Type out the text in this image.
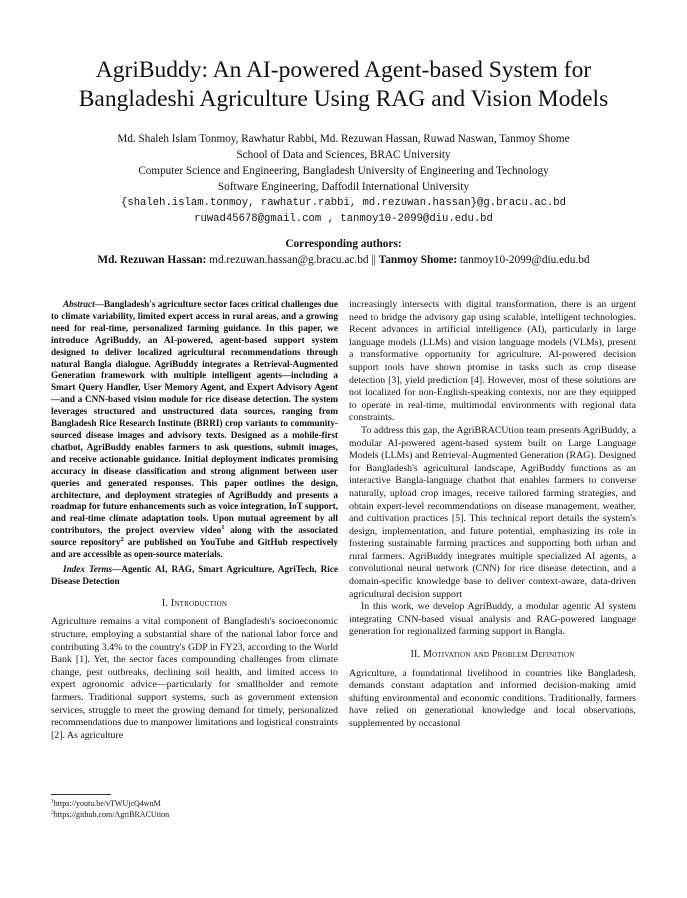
AgriBuddy: An AI-powered Agent-based System for
Bangladeshi Agriculture Using RAG and Vision Models
Md. Shaleh Islam Tonmoy, Rawhatur Rabbi, Md. Rezuwan Hassan, Ruwad Naswan, Tanmoy Shome
School of Data and Sciences, BRAC University
Computer Science and Engineering, Bangladesh University of Engineering and Technology
Software Engineering, Daffodil International University
{shaleh.islam.tonmoy, rawhatur.rabbi, md.rezuwan.hassan}@g.bracu.ac.bd
ruwad45678@gmail.com , tanmoy10-2099@diu.edu.bd
Corresponding authors:
Md. Rezuwan Hassan: md.rezuwan.hassan@g.bracu.ac.bd || Tanmoy Shome: tanmoy10-2099@diu.edu.bd

Abstract—Bangladesh's agriculture sector faces critical challenges due to climate variability, limited expert access in rural areas, and a growing need for real-time, personalized farming guidance. In this paper, we introduce AgriBuddy, an AI-powered, agent-based support system designed to deliver localized agricultural recommendations through natural Bangla dialogue. AgriBuddy integrates a Retrieval-Augmented Generation framework with multiple intelligent agents—including a Smart Query Handler, User Memory Agent, and Expert Advisory Agent—and a CNN-based vision module for rice disease detection. The system leverages structured and unstructured data sources, ranging from Bangladesh Rice Research Institute (BRRI) crop variants to community-sourced disease images and advisory texts. Designed as a mobile-first chatbot, AgriBuddy enables farmers to ask questions, submit images, and receive actionable guidance. Initial deployment indicates promising accuracy in disease classification and strong alignment between user queries and generated responses. This paper outlines the design, architecture, and deployment strategies of AgriBuddy and presents a roadmap for future enhancements such as voice integration, IoT support, and real-time climate adaptation tools. Upon mutual agreement by all contributors, the project overview video$^1$ along with the associated source repository$^2$ are published on YouTube and GitHub respectively and are accessible as open-source materials.

Index Terms—Agentic AI, RAG, Smart Agriculture, AgriTech, Rice Disease Detection

I. Introduction

Agriculture remains a vital component of Bangladesh's socioeconomic structure, employing a substantial share of the national labor force and contributing 3.4% to the country's GDP in FY23, according to the World Bank [1]. Yet, the sector faces compounding challenges from climate change, pest outbreaks, declining soil health, and limited access to expert agronomic advice—particularly for smallholder and remote farmers. Traditional support systems, such as government extension services, struggle to meet the growing demand for timely, personalized recommendations due to manpower limitations and logistical constraints [2]. As agriculture

increasingly intersects with digital transformation, there is an urgent need to bridge the advisory gap using scalable, intelligent technologies. Recent advances in artificial intelligence (AI), particularly in large language models (LLMs) and vision language models (VLMs), present a transformative opportunity for agriculture. AI-powered decision support tools have shown promise in tasks such as crop disease detection [3], yield prediction [4]. However, most of these solutions are not localized for non-English-speaking contexts, nor are they equipped to operate in real-time, multimodal environments with regional data constraints.

To address this gap, the AgriBRACUtion team presents AgriBuddy, a modular AI-powered agent-based system built on Large Language Models (LLMs) and Retrieval-Augmented Generation (RAG). Designed for Bangladesh's agricultural landscape, AgriBuddy functions as an interactive Bangla-language chatbot that enables farmers to converse naturally, upload crop images, receive tailored farming strategies, and obtain expert-level recommendations on disease management, weather, and cultivation practices [5]. This technical report details the system's design, implementation, and future potential, emphasizing its role in fostering sustainable farming practices and supporting both urban and rural farmers. AgriBuddy integrates multiple specialized AI agents, a convolutional neural network (CNN) for rice disease detection, and a domain-specific knowledge base to deliver context-aware, data-driven agricultural decision support

In this work, we develop AgriBuddy, a modular agentic AI system integrating CNN-based visual analysis and RAG-powered language generation for regionalized farming support in Bangla.

II. Motivation and Problem Definition

Agriculture, a foundational livelihood in countries like Bangladesh, demands constant adaptation and informed decision-making amid shifting environmental and economic conditions. Traditionally, farmers have relied on generational knowledge and local observations, supplemented by occasional

$^1$https://youtu.be/vTWUjcQ4wnM
$^2$https://github.com/AgriBRACUtion
